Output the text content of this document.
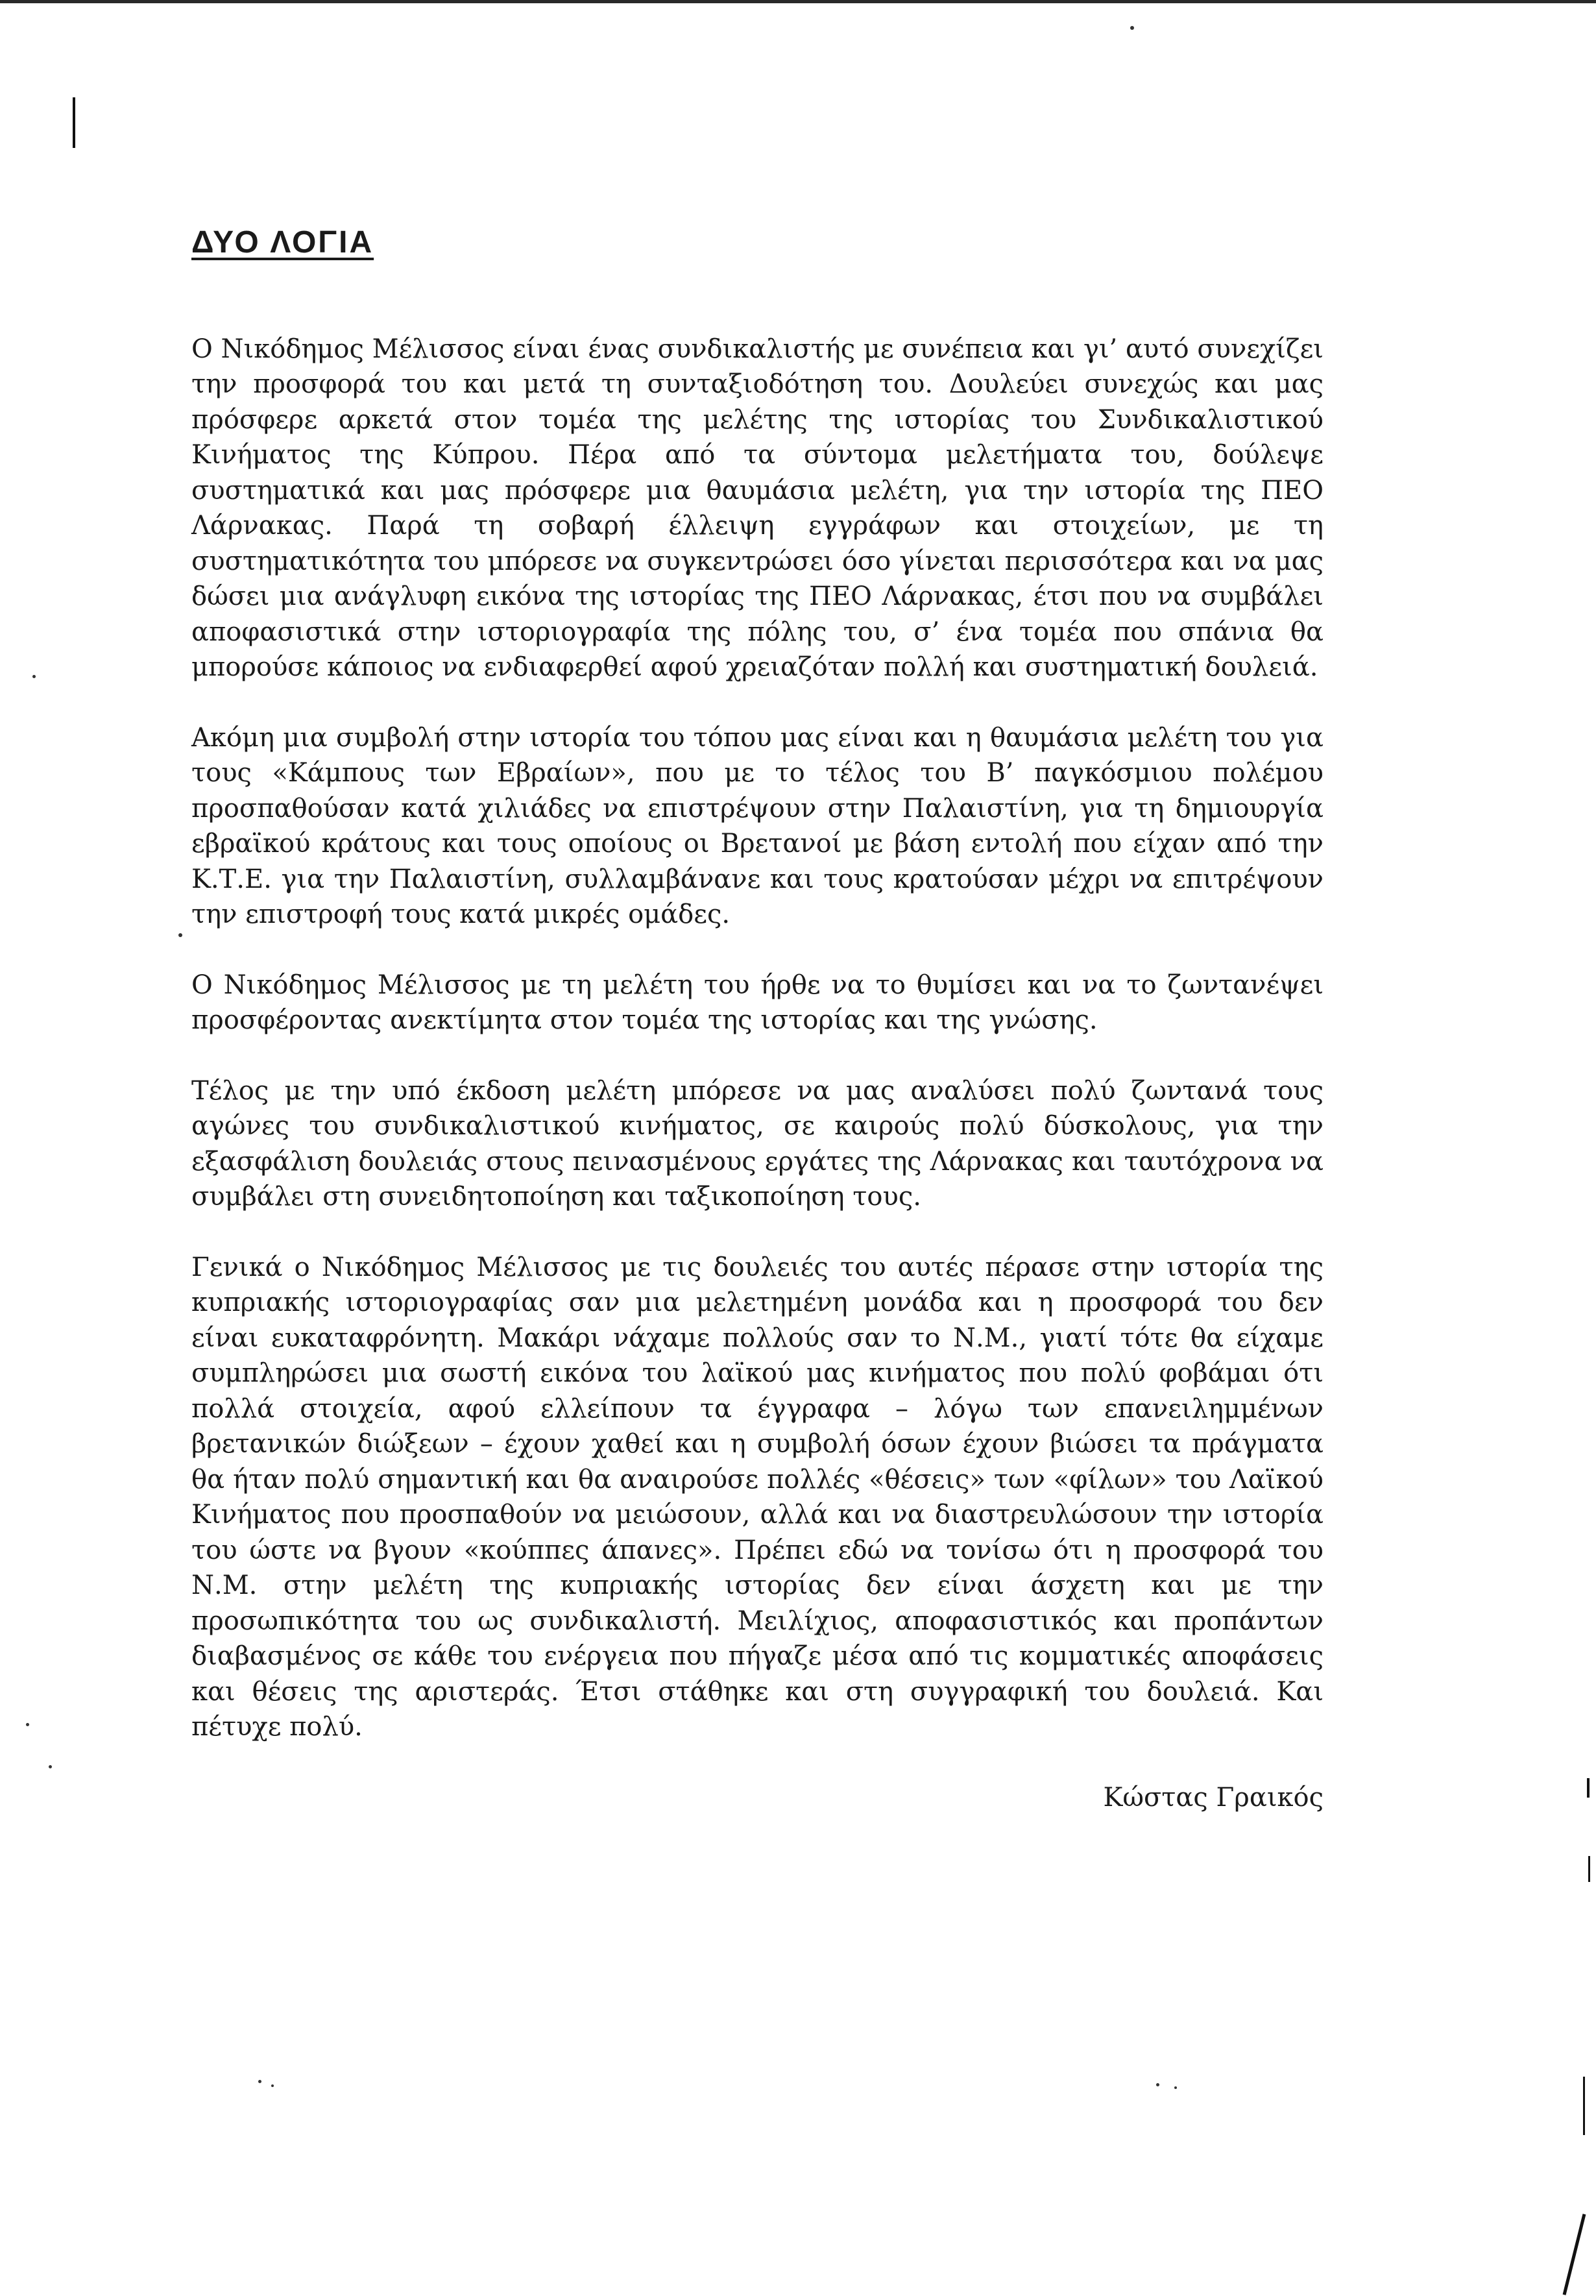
ΔΥΟ ΛΟΓΙΑ

Ο Νικόδημος Μέλισσος είναι ένας συνδικαλιστής με συνέπεια και γι’ αυτό συνεχίζει την προσφορά του και μετά τη συνταξιοδότηση του. Δουλεύει συνεχώς και μας πρόσφερε αρκετά στον τομέα της μελέτης της ιστορίας του Συνδικαλιστικού Κινήματος της Κύπρου. Πέρα από τα σύντομα μελετήματα του, δούλεψε συστηματικά και μας πρόσφερε μια θαυμάσια μελέτη, για την ιστορία της ΠΕΟ Λάρνακας. Παρά τη σοβαρή έλλειψη εγγράφων και στοιχείων, με τη συστηματικότητα του μπόρεσε να συγκεντρώσει όσο γίνεται περισσότερα και να μας δώσει μια ανάγλυφη εικόνα της ιστορίας της ΠΕΟ Λάρνακας, έτσι που να συμβάλει αποφασιστικά στην ιστοριογραφία της πόλης του, σ’ ένα τομέα που σπάνια θα μπορούσε κάποιος να ενδιαφερθεί αφού χρειαζόταν πολλή και συστηματική δουλειά.

Ακόμη μια συμβολή στην ιστορία του τόπου μας είναι και η θαυμάσια μελέτη του για τους «Κάμπους των Εβραίων», που με το τέλος του Β’ παγκόσμιου πολέμου προσπαθούσαν κατά χιλιάδες να επιστρέψουν στην Παλαιστίνη, για τη δημιουργία εβραϊκού κράτους και τους οποίους οι Βρετανοί με βάση εντολή που είχαν από την Κ.Τ.Ε. για την Παλαιστίνη, συλλαμβάνανε και τους κρατούσαν μέχρι να επιτρέψουν την επιστροφή τους κατά μικρές ομάδες.

Ο Νικόδημος Μέλισσος με τη μελέτη του ήρθε να το θυμίσει και να το ζωντανέψει προσφέροντας ανεκτίμητα στον τομέα της ιστορίας και της γνώσης.

Τέλος με την υπό έκδοση μελέτη μπόρεσε να μας αναλύσει πολύ ζωντανά τους αγώνες του συνδικαλιστικού κινήματος, σε καιρούς πολύ δύσκολους, για την εξασφάλιση δουλειάς στους πεινασμένους εργάτες της Λάρνακας και ταυτόχρονα να συμβάλει στη συνειδητοποίηση και ταξικοποίηση τους.

Γενικά ο Νικόδημος Μέλισσος με τις δουλειές του αυτές πέρασε στην ιστορία της κυπριακής ιστοριογραφίας σαν μια μελετημένη μονάδα και η προσφορά του δεν είναι ευκαταφρόνητη. Μακάρι νάχαμε πολλούς σαν το Ν.Μ., γιατί τότε θα είχαμε συμπληρώσει μια σωστή εικόνα του λαϊκού μας κινήματος που πολύ φοβάμαι ότι πολλά στοιχεία, αφού ελλείπουν τα έγγραφα – λόγω των επανειλημμένων βρετανικών διώξεων – έχουν χαθεί και η συμβολή όσων έχουν βιώσει τα πράγματα θα ήταν πολύ σημαντική και θα αναιρούσε πολλές «θέσεις» των «φίλων» του Λαϊκού Κινήματος που προσπαθούν να μειώσουν, αλλά και να διαστρευλώσουν την ιστορία του ώστε να βγουν «κούππες άπανες». Πρέπει εδώ να τονίσω ότι η προσφορά του Ν.Μ. στην μελέτη της κυπριακής ιστορίας δεν είναι άσχετη και με την προσωπικότητα του ως συνδικαλιστή. Μειλίχιος, αποφασιστικός και προπάντων διαβασμένος σε κάθε του ενέργεια που πήγαζε μέσα από τις κομματικές αποφάσεις και θέσεις της αριστεράς. Έτσι στάθηκε και στη συγγραφική του δουλειά. Και πέτυχε πολύ.

Κώστας Γραικός
